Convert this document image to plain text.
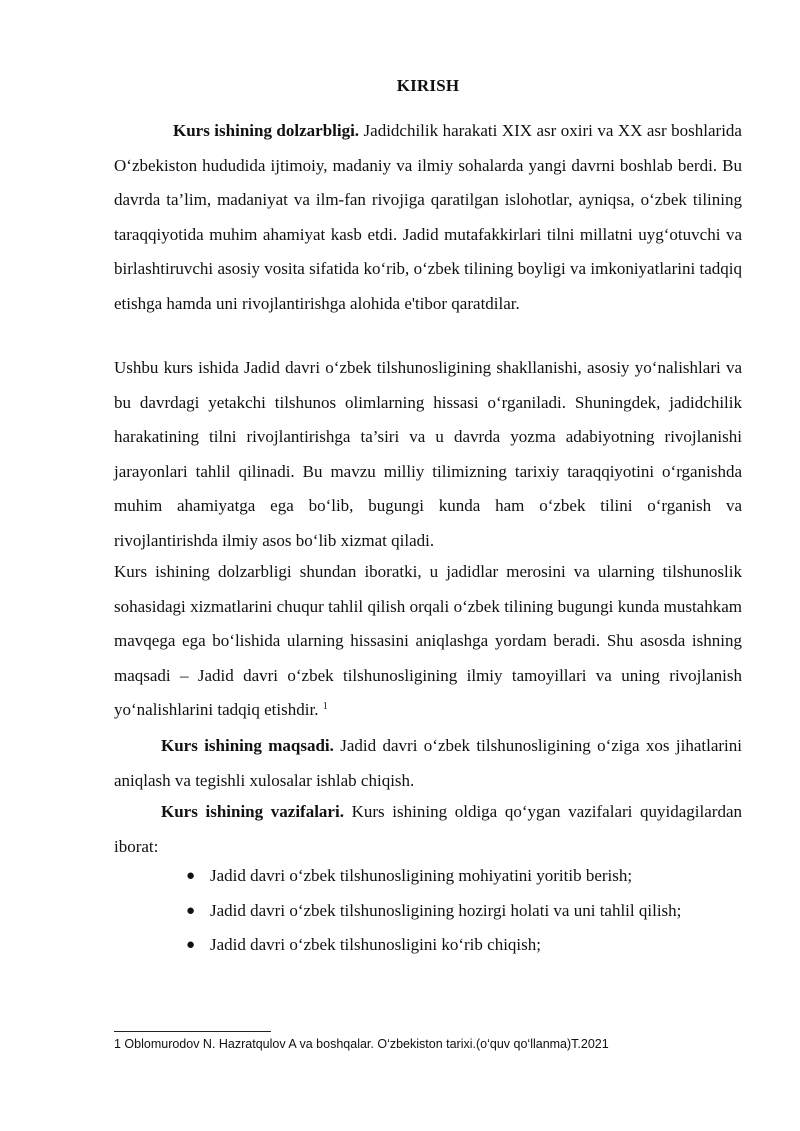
KIRISH
Kurs ishining dolzarbligi. Jadidchilik harakati XIX asr oxiri va XX asr boshlarida O‘zbekiston hududida ijtimoiy, madaniy va ilmiy sohalarda yangi davrni boshlab berdi. Bu davrda ta’lim, madaniyat va ilm-fan rivojiga qaratilgan islohotlar, ayniqsa, o‘zbek tilining taraqqiyotida muhim ahamiyat kasb etdi. Jadid mutafakkirlari tilni millatni uyg‘otuvchi va birlashtiruvchi asosiy vosita sifatida ko‘rib, o‘zbek tilining boyligi va imkoniyatlarini tadqiq etishga hamda uni rivojlantirishga alohida e'tibor qaratdilar.
Ushbu kurs ishida Jadid davri o‘zbek tilshunosligining shakllanishi, asosiy yo‘nalishlari va bu davrdagi yetakchi tilshunos olimlarning hissasi o‘rganiladi. Shuningdek, jadidchilik harakatining tilni rivojlantirishga ta’siri va u davrda yozma adabiyotning rivojlanishi jarayonlari tahlil qilinadi. Bu mavzu milliy tilimizning tarixiy taraqqiyotini o‘rganishda muhim ahamiyatga ega bo‘lib, bugungi kunda ham o‘zbek tilini o‘rganish va rivojlantirishda ilmiy asos bo‘lib xizmat qiladi.
Kurs ishining dolzarbligi shundan iboratki, u jadidlar merosini va ularning tilshunoslik sohasidagi xizmatlarini chuqur tahlil qilish orqali o‘zbek tilining bugungi kunda mustahkam mavqega ega bo‘lishida ularning hissasini aniqlashga yordam beradi. Shu asosda ishning maqsadi – Jadid davri o‘zbek tilshunosligining ilmiy tamoyillari va uning rivojlanish yo‘nalishlarini tadqiq etishdir. $^1$
Kurs ishining maqsadi. Jadid davri o‘zbek tilshunosligining o‘ziga xos jihatlarini aniqlash va tegishli xulosalar ishlab chiqish.
Kurs ishining vazifalari. Kurs ishining oldiga qo‘ygan vazifalari quyidagilardan iborat:
● Jadid davri o‘zbek tilshunosligining mohiyatini yoritib berish;
● Jadid davri o‘zbek tilshunosligining hozirgi holati va uni tahlil qilish;
● Jadid davri o‘zbek tilshunosligini ko‘rib chiqish;
1 Oblomurodov N. Hazratqulov A va boshqalar. O‘zbekiston tarixi.(o‘quv qo‘llanma)T.2021
